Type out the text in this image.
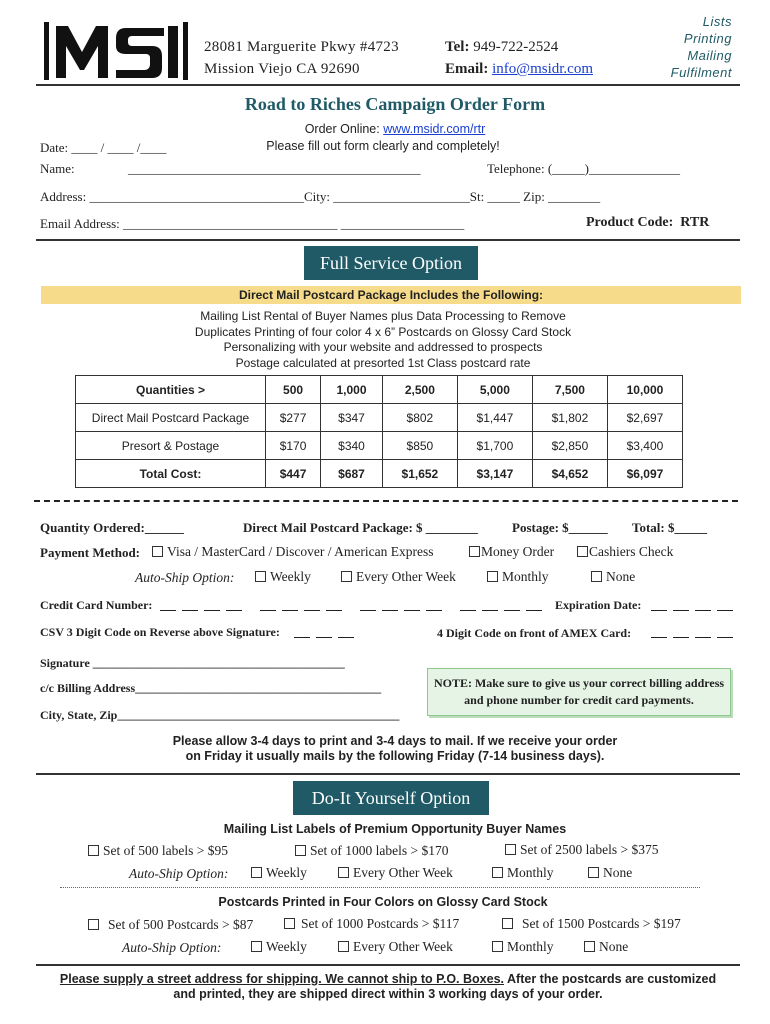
28081 Marguerite Pkwy #4723
Mission Viejo CA 92690
Tel: 949-722-2524
Email: info@msidr.com
Lists
Printing
Mailing
Fulfilment
Road to Riches Campaign Order Form
Order Online: www.msidr.com/rtr
Please fill out form clearly and completely!
Date: ____ / ____ /____
Name:	_____________________________________________	Telephone: (_____)______________
Address: _________________________________City: _____________________St: _____ Zip: ________
Email Address: _________________________________ ___________________	Product Code: RTR
Full Service Option
Direct Mail Postcard Package Includes the Following:
Mailing List Rental of Buyer Names plus Data Processing to Remove
Duplicates Printing of four color 4 x 6” Postcards on Glossy Card Stock
Personalizing with your website and addressed to prospects
Postage calculated at presorted 1st Class postcard rate
Quantities >	500	1,000	2,500	5,000	7,500	10,000
Direct Mail Postcard Package	$277	$347	$802	$1,447	$1,802	$2,697
Presort & Postage	$170	$340	$850	$1,700	$2,850	$3,400
Total Cost:	$447	$687	$1,652	$3,147	$4,652	$6,097
Quantity Ordered:______	Direct Mail Postcard Package: $ ________	Postage: $______ Total: $_____
Payment Method:	Visa / MasterCard / Discover / American Express	Money Order	Cashiers Check
Auto-Ship Option:	Weekly	Every Other Week	Monthly	None
Credit Card Number:
	Expiration Date:
CSV 3 Digit Code on Reverse above Signature:	4 Digit Code on front of AMEX Card:
Signature __________________________________________
c/c Billing Address_________________________________________
City, State, Zip_______________________________________________
NOTE: Make sure to give us your correct billing address and phone number for credit card payments.
Please allow 3-4 days to print and 3-4 days to mail. If we receive your order
on Friday it usually mails by the following Friday (7-14 business days).
Do-It Yourself Option
Mailing List Labels of Premium Opportunity Buyer Names
Set of 500 labels > $95	Set of 1000 labels > $170	Set of 2500 labels > $375
Auto-Ship Option:	Weekly	Every Other Week	Monthly	None
Postcards Printed in Four Colors on Glossy Card Stock
Set of 500 Postcards > $87	Set of 1000 Postcards > $117	Set of 1500 Postcards > $197
Auto-Ship Option:	Weekly	Every Other Week	Monthly	None
Please supply a street address for shipping. We cannot ship to P.O. Boxes. After the postcards are customized
and printed, they are shipped direct within 3 working days of your order.
